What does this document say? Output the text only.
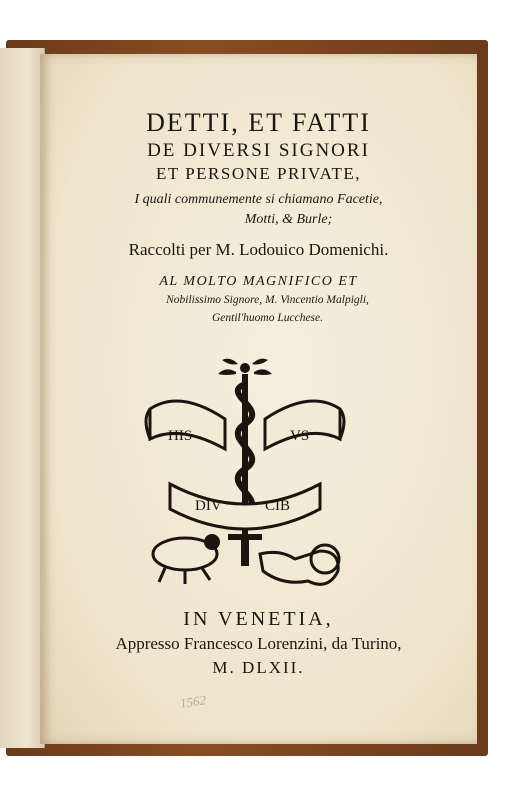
DETTI, ET FATTI
DE DIVERSI SIGNORI
ET PERSONE PRIVATE,
I quali communemente si chiamano Facetie,
Motti, & Burle;
Raccolti per M. Lodouico Domenichi.
AL MOLTO MAGNIFICO ET
Nobilissimo Signore, M. Vincentio Malpigli,
Gentil'huomo Lucchese.
HIS	VS
DIV	CIB
IN VENETIA,
Appresso Francesco Lorenzini, da Turino,
M. DLXII.
1562
